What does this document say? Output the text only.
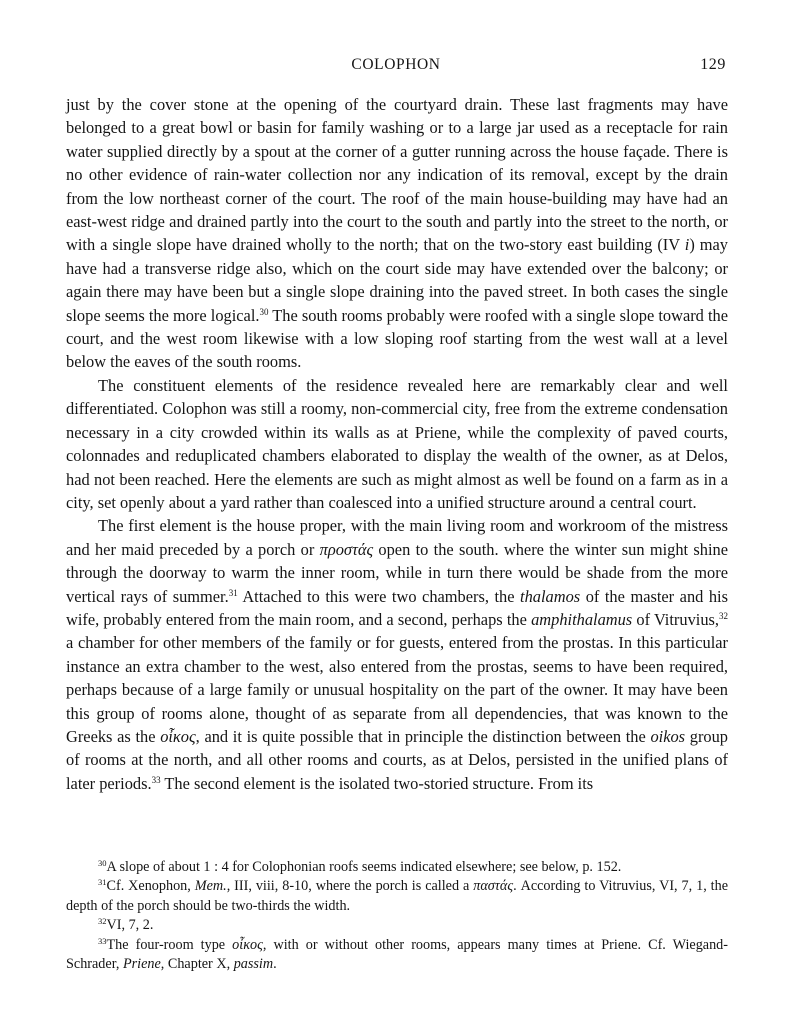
COLOPHON	129

just by the cover stone at the opening of the courtyard drain. These last fragments may have belonged to a great bowl or basin for family washing or to a large jar used as a receptacle for rain water supplied directly by a spout at the corner of a gutter running across the house façade. There is no other evidence of rain-water collection nor any indication of its removal, except by the drain from the low northeast corner of the court. The roof of the main house-building may have had an east-west ridge and drained partly into the court to the south and partly into the street to the north, or with a single slope have drained wholly to the north; that on the two-story east building (IV i) may have had a transverse ridge also, which on the court side may have extended over the balcony; or again there may have been but a single slope draining into the paved street. In both cases the single slope seems the more logical.$^{30}$ The south rooms probably were roofed with a single slope toward the court, and the west room likewise with a low sloping roof starting from the west wall at a level below the eaves of the south rooms.

The constituent elements of the residence revealed here are remarkably clear and well differentiated. Colophon was still a roomy, non-commercial city, free from the extreme condensation necessary in a city crowded within its walls as at Priene, while the complexity of paved courts, colonnades and reduplicated chambers elaborated to display the wealth of the owner, as at Delos, had not been reached. Here the elements are such as might almost as well be found on a farm as in a city, set openly about a yard rather than coalesced into a unified structure around a central court.

The first element is the house proper, with the main living room and workroom of the mistress and her maid preceded by a porch or προστάς open to the south. where the winter sun might shine through the doorway to warm the inner room, while in turn there would be shade from the more vertical rays of summer.$^{31}$ Attached to this were two chambers, the thalamos of the master and his wife, probably entered from the main room, and a second, perhaps the amphithalamus of Vitruvius,$^{32}$ a chamber for other members of the family or for guests, entered from the prostas. In this particular instance an extra chamber to the west, also entered from the prostas, seems to have been required, perhaps because of a large family or unusual hospitality on the part of the owner. It may have been this group of rooms alone, thought of as separate from all dependencies, that was known to the Greeks as the οἶκος, and it is quite possible that in principle the distinction between the oikos group of rooms at the north, and all other rooms and courts, as at Delos, persisted in the unified plans of later periods.$^{33}$ The second element is the isolated two-storied structure. From its

$^{30}$A slope of about 1 : 4 for Colophonian roofs seems indicated elsewhere; see below, p. 152.

$^{31}$Cf. Xenophon, Mem., III, viii, 8-10, where the porch is called a παστάς. According to Vitruvius, VI, 7, 1, the depth of the porch should be two-thirds the width.

$^{32}$VI, 7, 2.

$^{33}$The four-room type οἶκος, with or without other rooms, appears many times at Priene. Cf. Wiegand-Schrader, Priene, Chapter X, passim.
